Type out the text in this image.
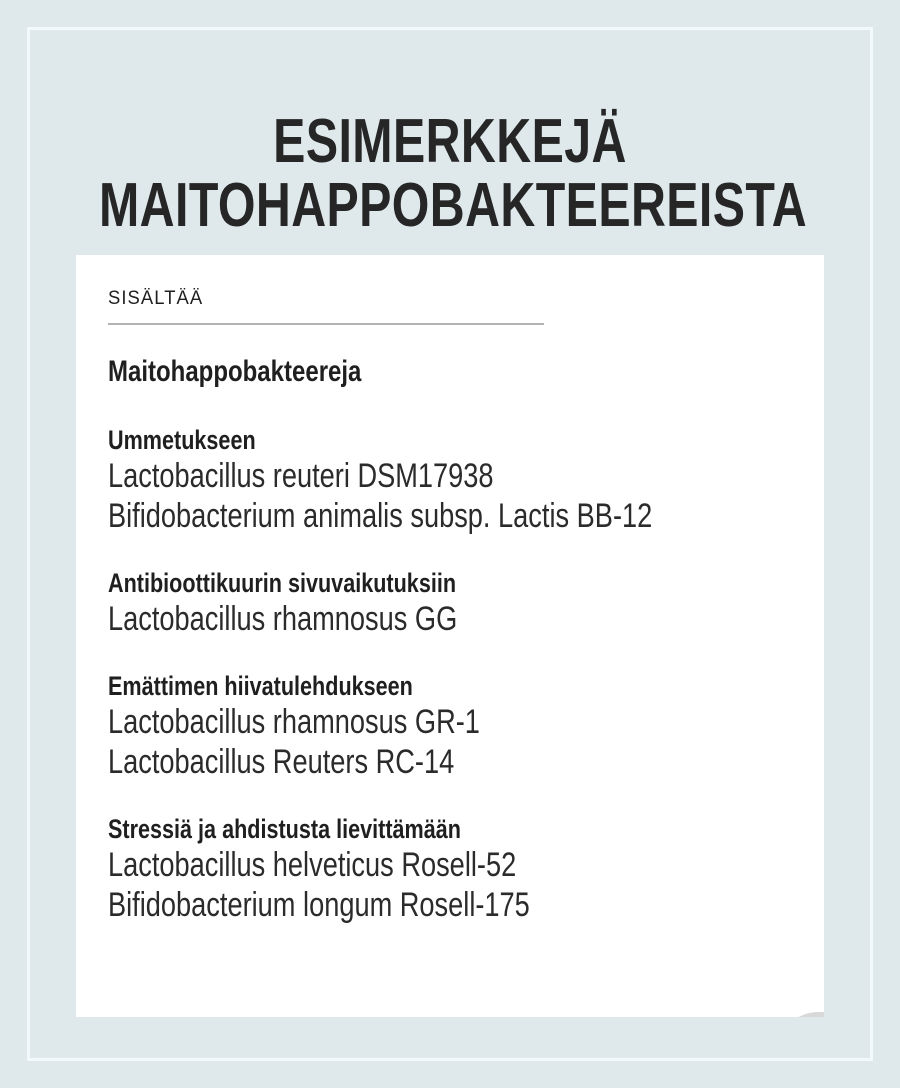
ESIMERKKEJÄ
MAITOHAPPOBAKTEEREISTA
SISÄLTÄÄ
Maitohappobakteereja
Ummetukseen
Lactobacillus reuteri DSM17938
Bifidobacterium animalis subsp. Lactis BB-12
Antibioottikuurin sivuvaikutuksiin
Lactobacillus rhamnosus GG
Emättimen hiivatulehdukseen
Lactobacillus rhamnosus GR-1
Lactobacillus Reuters RC-14
Stressiä ja ahdistusta lievittämään
Lactobacillus helveticus Rosell-52
Bifidobacterium longum Rosell-175
